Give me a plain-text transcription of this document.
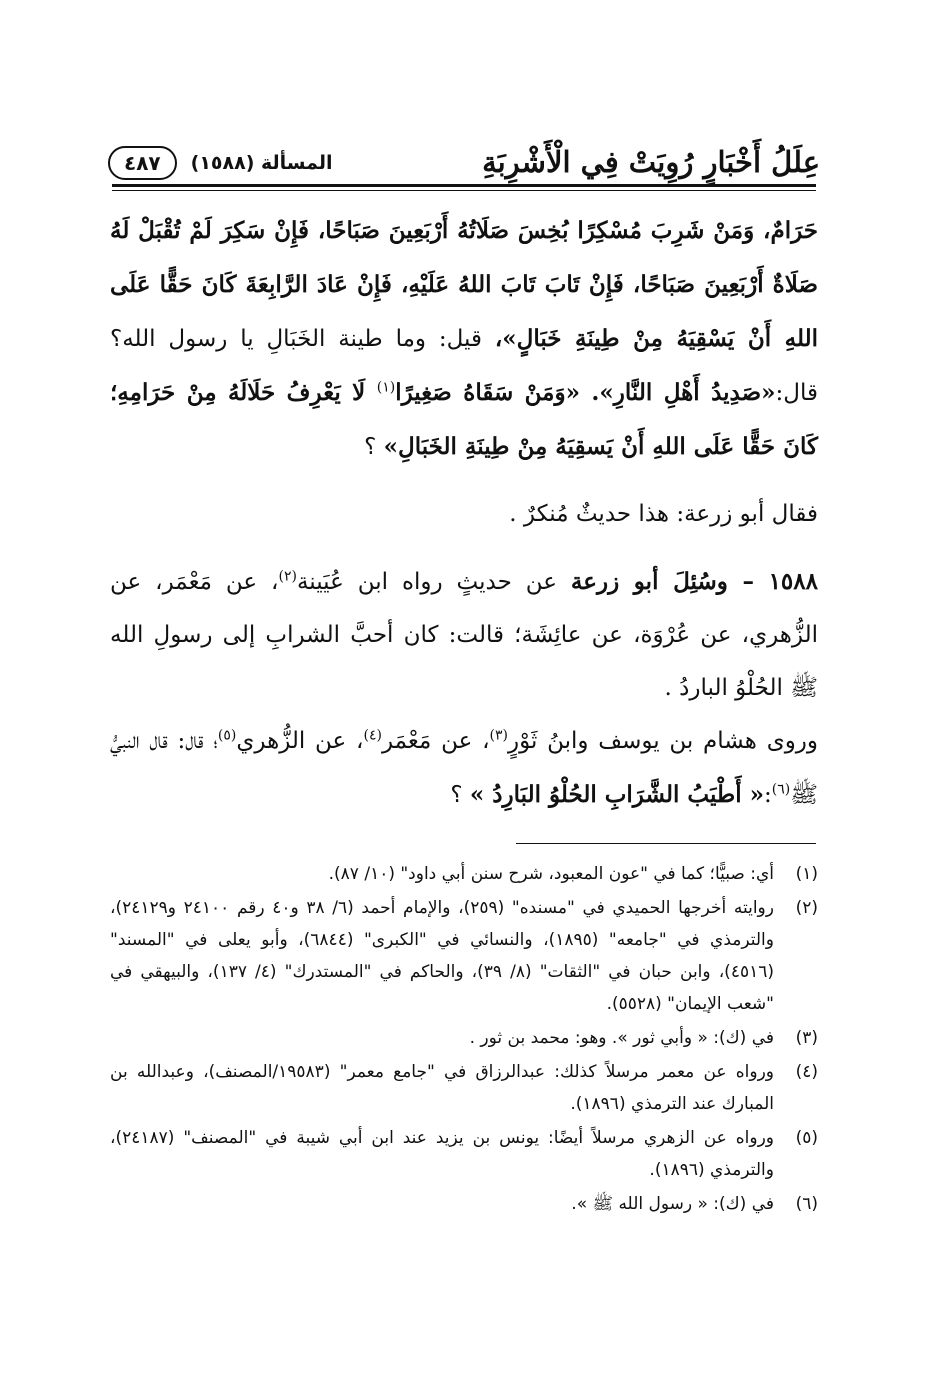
عِلَلُ أَخْبَارٍ رُوِيَتْ فِي الْأَشْرِبَةِ
المسألة (١٥٨٨)
٤٨٧

حَرَامٌ، وَمَنْ شَرِبَ مُسْكِرًا بُخِسَ صَلَاتُهُ أَرْبَعِينَ صَبَاحًا، فَإِنْ سَكِرَ لَمْ تُقْبَلْ لَهُ صَلَاةٌ أَرْبَعِينَ صَبَاحًا، فَإِنْ تَابَ تَابَ اللهُ عَلَيْهِ، فَإِنْ عَادَ الرَّابِعَةَ كَانَ حَقًّا عَلَى اللهِ أَنْ يَسْقِيَهُ مِنْ طِينَةِ خَبَالٍ»، قيل: وما طينة الخَبَالِ يا رسول الله؟ قال:«صَدِيدُ أَهْلِ النَّارِ». «وَمَنْ سَقَاهُ صَغِيرًا$^{(١)}$ لَا يَعْرِفُ حَلَالَهُ مِنْ حَرَامِهِ؛ كَانَ حَقًّا عَلَى اللهِ أَنْ يَسقِيَهُ مِنْ طِينَةِ الخَبَالِ» ؟

فقال أبو زرعة: هذا حديثٌ مُنكرٌ .

١٥٨٨ – وسُئِلَ أبو زرعة عن حديثٍ رواه ابن عُيَينة$^{(٢)}$، عن مَعْمَر، عن الزُّهري، عن عُرْوَة، عن عائِشَة؛ قالت: كان أحبَّ الشرابِ إلى رسولِ الله ﷺ الحُلْوُ الباردُ .

وروى هشام بن يوسف وابنُ ثَوْرٍ$^{(٣)}$، عن مَعْمَر$^{(٤)}$، عن الزُّهري$^{(٥)}$؛ قال: قال النبيُّ ﷺ$^{(٦)}$:« أَطْيَبُ الشَّرَابِ الحُلْوُ البَارِدُ » ؟

(١)
أي: صبيًّا؛ كما في "عون المعبود، شرح سنن أبي داود" (١٠/ ٨٧).
(٢)
روايته أخرجها الحميدي في "مسنده" (٢٥٩)، والإمام أحمد (٦/ ٣٨ و٤٠ رقم ٢٤١٠٠ و٢٤١٢٩)، والترمذي في "جامعه" (١٨٩٥)، والنسائي في "الكبرى" (٦٨٤٤)، وأبو يعلى في "المسند" (٤٥١٦)، وابن حبان في "الثقات" (٨/ ٣٩)، والحاكم في "المستدرك" (٤/ ١٣٧)، والبيهقي في "شعب الإيمان" (٥٥٢٨).
(٣)
في (ك): « وأبي ثور ». وهو: محمد بن ثور .
(٤)
ورواه عن معمر مرسلاً كذلك: عبدالرزاق في "جامع معمر" (١٩٥٨٣/المصنف)، وعبدالله بن المبارك عند الترمذي (١٨٩٦).
(٥)
ورواه عن الزهري مرسلاً أيضًا: يونس بن يزيد عند ابن أبي شيبة في "المصنف" (٢٤١٨٧)، والترمذي (١٨٩٦).
(٦)
في (ك): « رسول الله ﷺ ».
